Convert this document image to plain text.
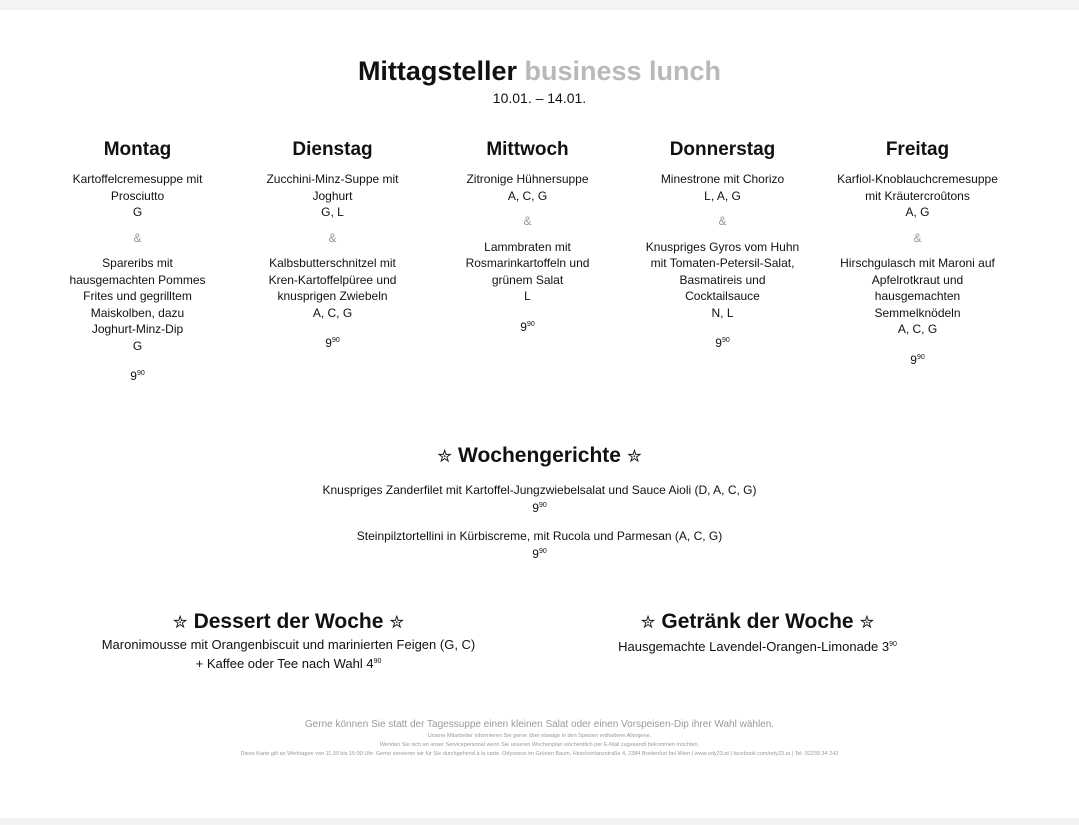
Mittagsteller business lunch
10.01. – 14.01.
Montag
Kartoffelcremesuppe mit
Prosciutto
G
&
Spareribs mit
hausgemachten Pommes
Frites und gegrilltem
Maiskolben, dazu
Joghurt-Minz-Dip
G
$9^{90}$
Dienstag
Zucchini-Minz-Suppe mit
Joghurt
G, L
&
Kalbsbutterschnitzel mit
Kren-Kartoffelpüree und
knusprigen Zwiebeln
A, C, G
$9^{90}$
Mittwoch
Zitronige Hühnersuppe
A, C, G
&
Lammbraten mit
Rosmarinkartoffeln und
grünem Salat
L
$9^{90}$
Donnerstag
Minestrone mit Chorizo
L, A, G
&
Knuspriges Gyros vom Huhn
mit Tomaten-Petersil-Salat,
Basmatireis und
Cocktailsauce
N, L
$9^{90}$
Freitag
Karfiol-Knoblauchcremesuppe
mit Kräutercroûtons
A, G
&
Hirschgulasch mit Maroni auf
Apfelrotkraut und
hausgemachten
Semmelknödeln
A, C, G
$9^{90}$
✮ Wochengerichte ✮
Knuspriges Zanderfilet mit Kartoffel-Jungzwiebelsalat und Sauce Aioli (D, A, C, G)
$9^{90}$
Steinpilztortellini in Kürbiscreme, mit Rucola und Parmesan (A, C, G)
$9^{90}$
✮ Dessert der Woche ✮
Maronimousse mit Orangenbiscuit und marinierten Feigen (G, C)
+ Kaffee oder Tee nach Wahl $4^{90}$
✮ Getränk der Woche ✮
Hausgemachte Lavendel-Orangen-Limonade $3^{90}$
Gerne können Sie statt der Tagessuppe einen kleinen Salat oder einen Vorspeisen-Dip ihrer Wahl wählen.
Unsere Mitarbeiter informieren Sie gerne über etwaige in den Speisen enthaltene Allergene.
Wenden Sie sich an unser Servicepersonal wenn Sie unseren Wochenplan wöchentlich per E-Mail zugesandt bekommen möchten.
Diese Karte gilt an Werktagen von 11:30 bis 15:00 Uhr. Gerne servieren wir für Sie durchgehend à la carte. Odysseus im Grünen Baum, Hirschentanzstraße 4, 2384 Breitenfurt bei Wien | www.ody23.at | facebook.com/ody23.at | Tel. 02239 34 243
